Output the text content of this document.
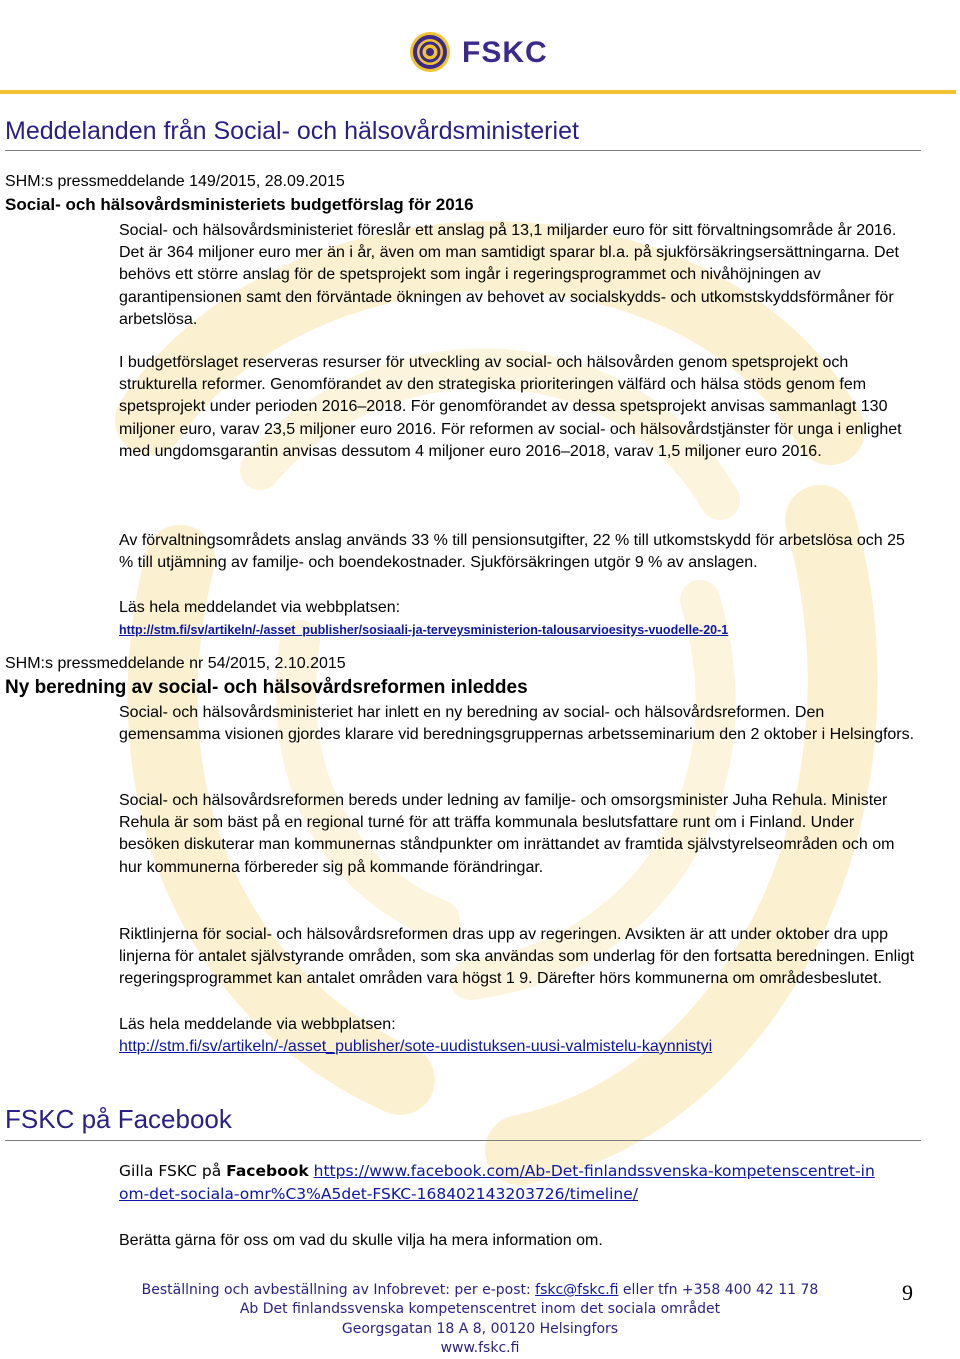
FSKC
Meddelanden från Social- och hälsovårdsministeriet

SHM:s pressmeddelande 149/2015, 28.09.2015

Social- och hälsovårdsministeriets budgetförslag för 2016

Social- och hälsovårdsministeriet föreslår ett anslag på 13,1 miljarder euro för sitt förvaltningsområde år 2016. Det är 364 miljoner euro mer än i år, även om man samtidigt sparar bl.a. på sjukförsäkringsersättningarna. Det behövs ett större anslag för de spetsprojekt som ingår i regeringsprogrammet och nivåhöjningen av garantipensionen samt den förväntade ökningen av behovet av socialskydds- och utkomstskyddsförmåner för arbetslösa.

I budgetförslaget reserveras resurser för utveckling av social- och hälsovården genom spetsprojekt och strukturella reformer. Genomförandet av den strategiska prioriteringen välfärd och hälsa stöds genom fem spetsprojekt under perioden 2016–2018. För genomförandet av dessa spetsprojekt anvisas sammanlagt 130 miljoner euro, varav 23,5 miljoner euro 2016. För reformen av social- och hälsovårdstjänster för unga i enlighet med ungdomsgarantin anvisas dessutom 4 miljoner euro 2016–2018, varav 1,5 miljoner euro 2016.

Av förvaltningsområdets anslag används 33 % till pensionsutgifter, 22 % till utkomstskydd för arbetslösa och 25 % till utjämning av familje- och boendekostnader. Sjukförsäkringen utgör 9 % av anslagen.

Läs hela meddelandet via webbplatsen:

http://stm.fi/sv/artikeln/-/asset_publisher/sosiaali-ja-terveysministerion-talousarvioesitys-vuodelle-20-1

SHM:s pressmeddelande nr 54/2015, 2.10.2015

Ny beredning av social- och hälsovårdsreformen inleddes

Social- och hälsovårdsministeriet har inlett en ny beredning av social- och hälsovårdsreformen. Den gemensamma visionen gjordes klarare vid beredningsgruppernas arbetsseminarium den 2 oktober i Helsingfors.

Social- och hälsovårdsreformen bereds under ledning av familje- och omsorgsminister Juha Rehula. Minister Rehula är som bäst på en regional turné för att träffa kommunala beslutsfattare runt om i Finland. Under besöken diskuterar man kommunernas ståndpunkter om inrättandet av framtida självstyrelseområden och om hur kommunerna förbereder sig på kommande förändringar.

Riktlinjerna för social- och hälsovårdsreformen dras upp av regeringen. Avsikten är att under oktober dra upp linjerna för antalet självstyrande områden, som ska användas som underlag för den fortsatta beredningen. Enligt regeringsprogrammet kan antalet områden vara högst 1 9. Därefter hörs kommunerna om områdesbeslutet.

Läs hela meddelande via webbplatsen:

http://stm.fi/sv/artikeln/-/asset_publisher/sote-uudistuksen-uusi-valmistelu-kaynnistyi
FSKC på Facebook

Gilla FSKC på Facebook https://www.facebook.com/Ab-Det-finlandssvenska-kompetenscentret-inom-det-sociala-omr%C3%A5det-FSKC-168402143203726/timeline/

Berätta gärna för oss om vad du skulle vilja ha mera information om.

Beställning och avbeställning av Infobrevet: per e-post: fskc@fskc.fi eller tfn +358 400 42 11 78
Ab Det finlandssvenska kompetenscentret inom det sociala området
Georgsgatan 18 A 8, 00120 Helsingfors
www.fskc.fi
9
